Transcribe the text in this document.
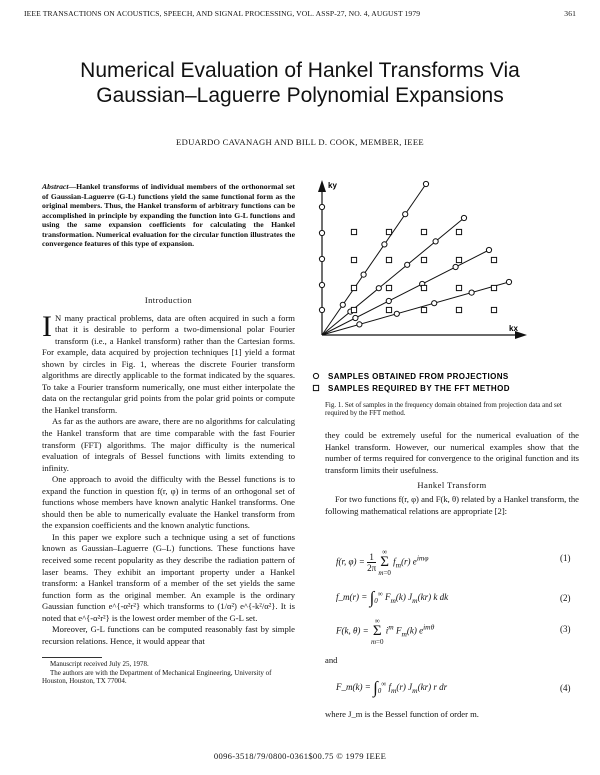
IEEE TRANSACTIONS ON ACOUSTICS, SPEECH, AND SIGNAL PROCESSING, VOL. ASSP-27, NO. 4, AUGUST 1979	361
Numerical Evaluation of Hankel Transforms Via
Gaussian–Laguerre Polynomial Expansions
EDUARDO CAVANAGH AND BILL D. COOK, MEMBER, IEEE
Abstract—Hankel transforms of individual members of the orthonormal set of Gaussian-Laguerre (G-L) functions yield the same functional form as the original members. Thus, the Hankel transform of arbitrary functions can be accomplished in principle by expanding the function into G-L functions and using the same expansion coefficients for calculating the Hankel transformation. Numerical evaluation for the circular function illustrates the convergence features of this type of expansion.
Introduction

I N many practical problems, data are often acquired in such a form that it is desirable to perform a two-dimensional polar Fourier transform (i.e., a Hankel transform) rather than the Cartesian forms. For example, data acquired by projection techniques [1] yield a format shown by circles in Fig. 1, whereas the discrete Fourier transform algorithms are directly applicable to the format indicated by the squares. To take a Fourier transform numerically, one must either interpolate the data on the rectangular grid points from the polar grid points or compute the Hankel transform.

As far as the authors are aware, there are no algorithms for calculating the Hankel transform that are time comparable with the fast Fourier transform (FFT) algorithms. The major difficulty is the numerical evaluation of integrals of Bessel functions with limits extending to infinity.

One approach to avoid the difficulty with the Bessel functions is to expand the function in question f(r, φ) in terms of an orthogonal set of functions whose members have known analytic Hankel transforms. One should then be able to numerically evaluate the Hankel transform from the expansion coefficients and the known analytic functions.

In this paper we explore such a technique using a set of functions known as Gaussian–Laguerre (G–L) functions. These functions have received some recent popularity as they describe the radiation pattern of laser beams. They exhibit an important property under a Hankel transform: a Hankel transform of a member of the set yields the same function form as the original member. An example is the ordinary Gaussian function e^{-α²r²} which transforms to (1/α²) e^{-k²/α²}. It is noted that e^{-α²r²} is the lowest order member of the G-L set.

Moreover, G-L functions can be computed reasonably fast by simple recursion relations. Hence, it would appear that

Manuscript received July 25, 1978.

The authors are with the Department of Mechanical Engineering, University of Houston, Houston, TX 77004.

ky
kx
SAMPLES OBTAINED FROM PROJECTIONS
SAMPLES REQUIRED BY THE FFT METHOD
Fig. 1. Set of samples in the frequency domain obtained from projection data and set required by the FFT method.

they could be extremely useful for the numerical evaluation of the Hankel transform. However, our numerical examples show that the number of terms required for convergence to the original function and its transform limits their usefulness.

Hankel Transform

For two functions f(r, φ) and F(k, θ) related by a Hankel transform, the following mathematical relations are appropriate [2]:

f(r, $\varphi) = \frac{1}{2\pi}$
∞
Σ
m=0
$f_m(r)$ $e^{im\varphi}$	(1)
f_m(r) = $\int_0^\infty$ $F_m(k)$ $J_m(kr)$ k dk	(2)
F(k, θ) =
∞
Σ
m=0
$i^m$ $F_m(k)$ $e^{im\theta}$	(3)
and
F_m(k) = $\int_0^\infty$ $f_m(r)$ $J_m(kr)$ r dr	(4)
where J_m is the Bessel function of order m.
0096-3518/79/0800-0361$00.75 © 1979 IEEE
